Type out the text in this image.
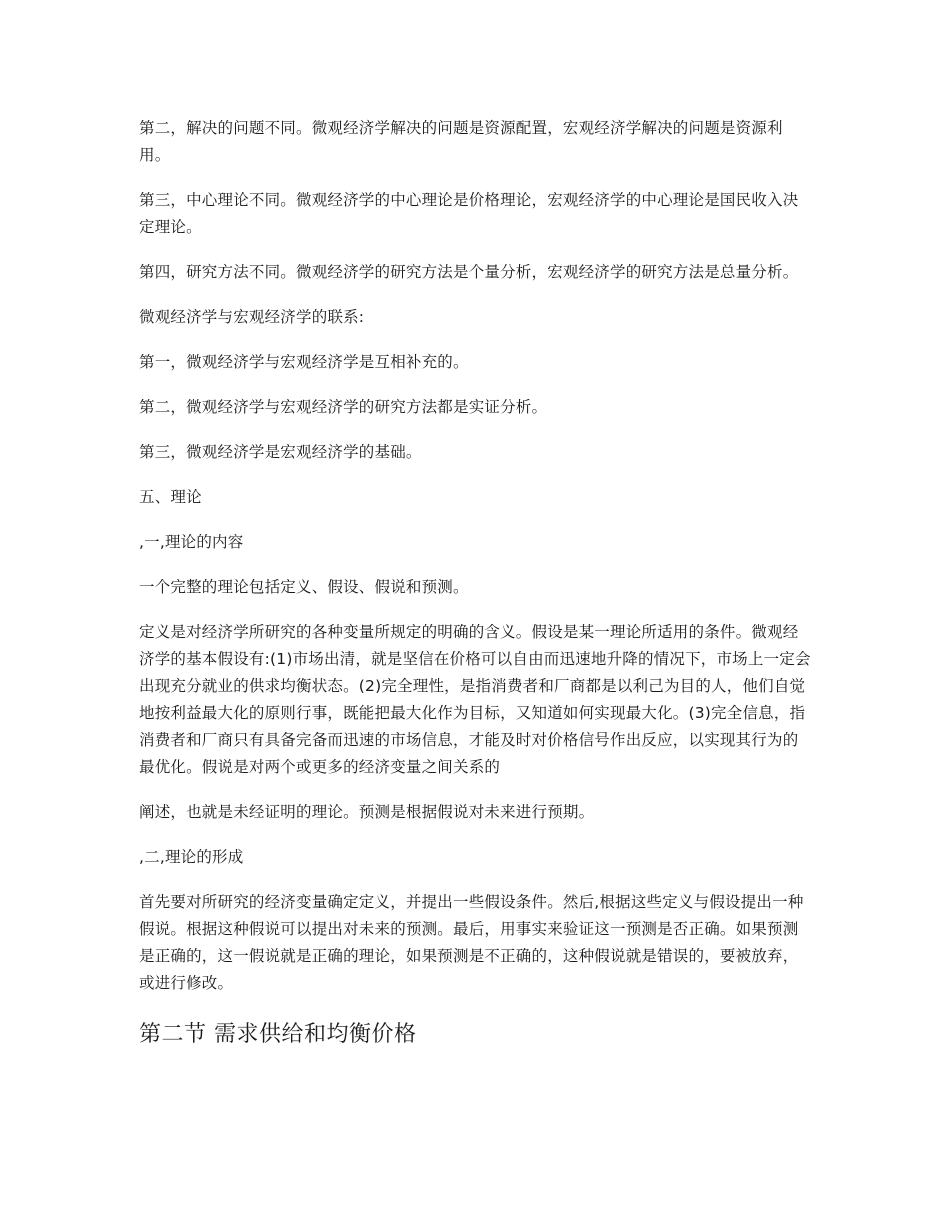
第二，解决的问题不同。微观经济学解决的问题是资源配置，宏观经济学解决的问题是资源利用。

第三，中心理论不同。微观经济学的中心理论是价格理论，宏观经济学的中心理论是国民收入决定理论。

第四，研究方法不同。微观经济学的研究方法是个量分析，宏观经济学的研究方法是总量分析。

微观经济学与宏观经济学的联系:

第一，微观经济学与宏观经济学是互相补充的。

第二，微观经济学与宏观经济学的研究方法都是实证分析。

第三，微观经济学是宏观经济学的基础。

五、理论

,一,理论的内容

一个完整的理论包括定义、假设、假说和预测。

定义是对经济学所研究的各种变量所规定的明确的含义。假设是某一理论所适用的条件。微观经济学的基本假设有:(1)市场出清，就是坚信在价格可以自由而迅速地升降的情况下，市场上一定会出现充分就业的供求均衡状态。(2)完全理性，是指消费者和厂商都是以利己为目的人，他们自觉地按利益最大化的原则行事，既能把最大化作为目标，又知道如何实现最大化。(3)完全信息，指消费者和厂商只有具备完备而迅速的市场信息，才能及时对价格信号作出反应，以实现其行为的最优化。假说是对两个或更多的经济变量之间关系的

阐述，也就是未经证明的理论。预测是根据假说对未来进行预期。

,二,理论的形成

首先要对所研究的经济变量确定定义，并提出一些假设条件。然后,根据这些定义与假设提出一种假说。根据这种假说可以提出对未来的预测。最后，用事实来验证这一预测是否正确。如果预测是正确的，这一假说就是正确的理论，如果预测是不正确的，这种假说就是错误的，要被放弃，或进行修改。

第二节 需求供给和均衡价格
